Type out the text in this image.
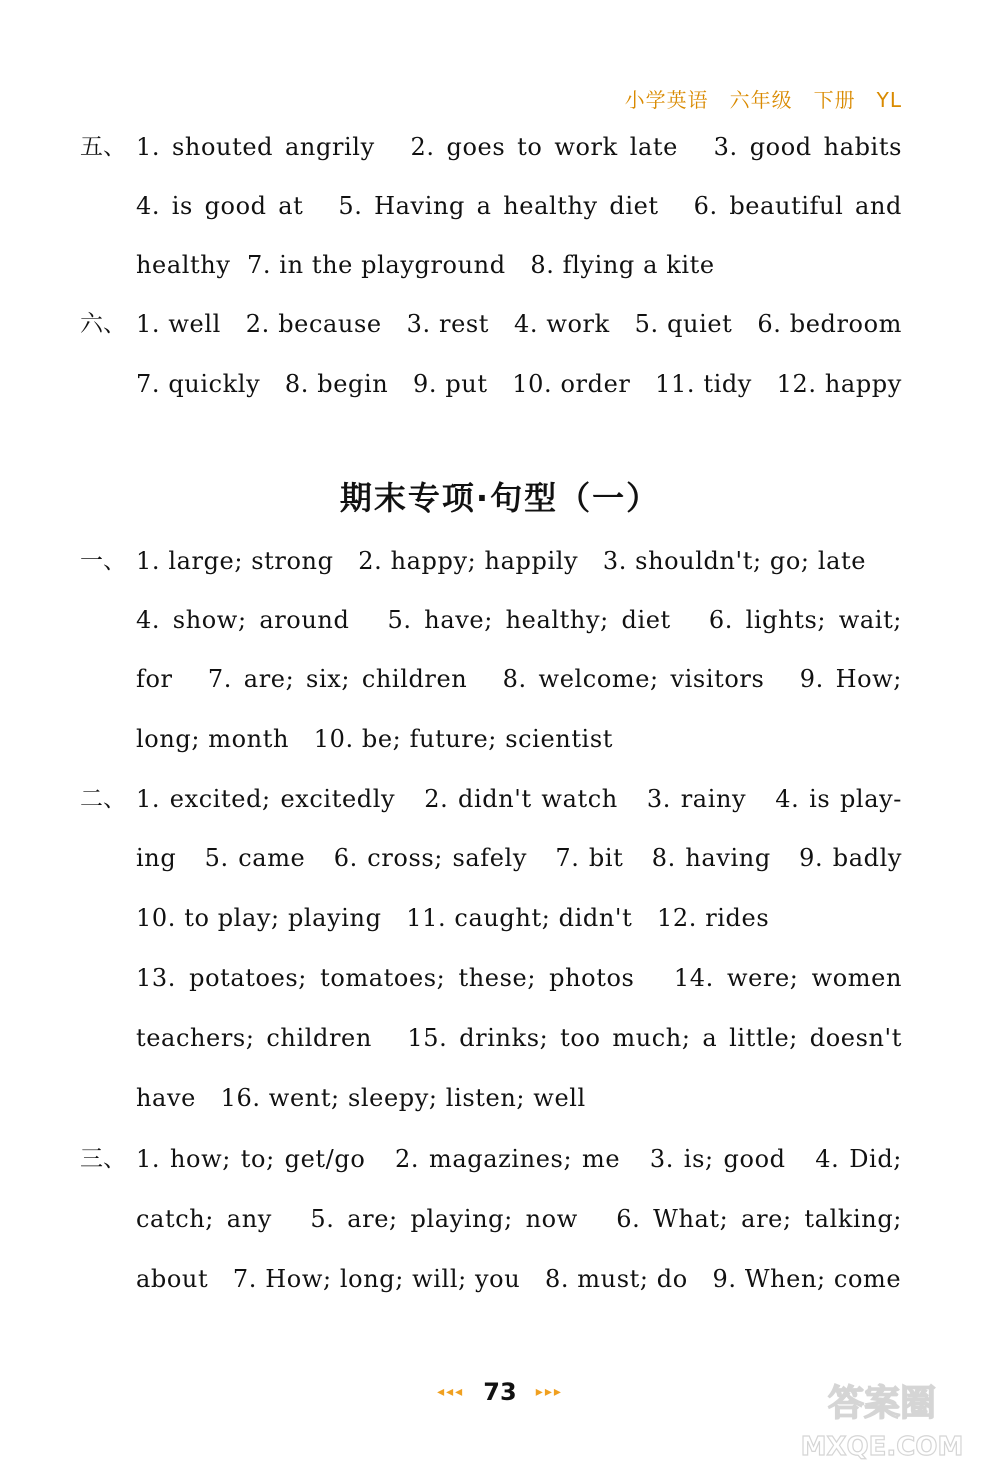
小学英语　六年级　下册　YL

五、

1. shouted angrily   2. goes to work late   3. good habits

4. is good at   5. Having a healthy diet   6. beautiful and

healthy  7. in the playground   8. flying a kite

六、

1. well   2. because   3. rest   4. work   5. quiet   6. bedroom

7. quickly   8. begin   9. put   10. order   11. tidy   12. happy

期末专项·句型（一）

一、

1. large; strong   2. happy; happily   3. shouldn't; go; late

4. show; around   5. have; healthy; diet   6. lights; wait;

for   7. are; six; children   8. welcome; visitors   9. How;

long; month   10. be; future; scientist

二、

1. excited; excitedly   2. didn't watch   3. rainy   4. is play-

ing   5. came   6. cross; safely   7. bit   8. having   9. badly

10. to play; playing   11. caught; didn't   12. rides

13. potatoes; tomatoes; these; photos   14. were; women

teachers; children   15. drinks; too much; a little; doesn't

have   16. went; sleepy; listen; well

三、

1. how; to; get/go   2. magazines; me   3. is; good   4. Did;

catch; any   5. are; playing; now   6. What; are; talking;

about   7. How; long; will; you   8. must; do   9. When; come

◂◂◂ 73 ▸▸▸	答案圈
MXQE.COM
